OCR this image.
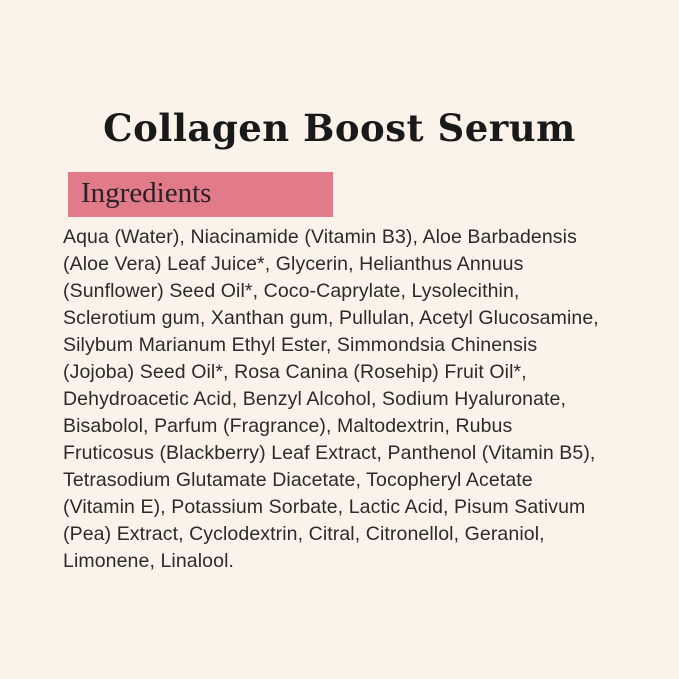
Collagen Boost Serum
Ingredients
Aqua (Water), Niacinamide (Vitamin B3), Aloe Barbadensis
(Aloe Vera) Leaf Juice*, Glycerin, Helianthus Annuus
(Sunflower) Seed Oil*, Coco-Caprylate, Lysolecithin,
Sclerotium gum, Xanthan gum, Pullulan, Acetyl Glucosamine,
Silybum Marianum Ethyl Ester, Simmondsia Chinensis
(Jojoba) Seed Oil*, Rosa Canina (Rosehip) Fruit Oil*,
Dehydroacetic Acid, Benzyl Alcohol, Sodium Hyaluronate,
Bisabolol, Parfum (Fragrance), Maltodextrin, Rubus
Fruticosus (Blackberry) Leaf Extract, Panthenol (Vitamin B5),
Tetrasodium Glutamate Diacetate, Tocopheryl Acetate
(Vitamin E), Potassium Sorbate, Lactic Acid, Pisum Sativum
(Pea) Extract, Cyclodextrin, Citral, Citronellol, Geraniol,
Limonene, Linalool.
